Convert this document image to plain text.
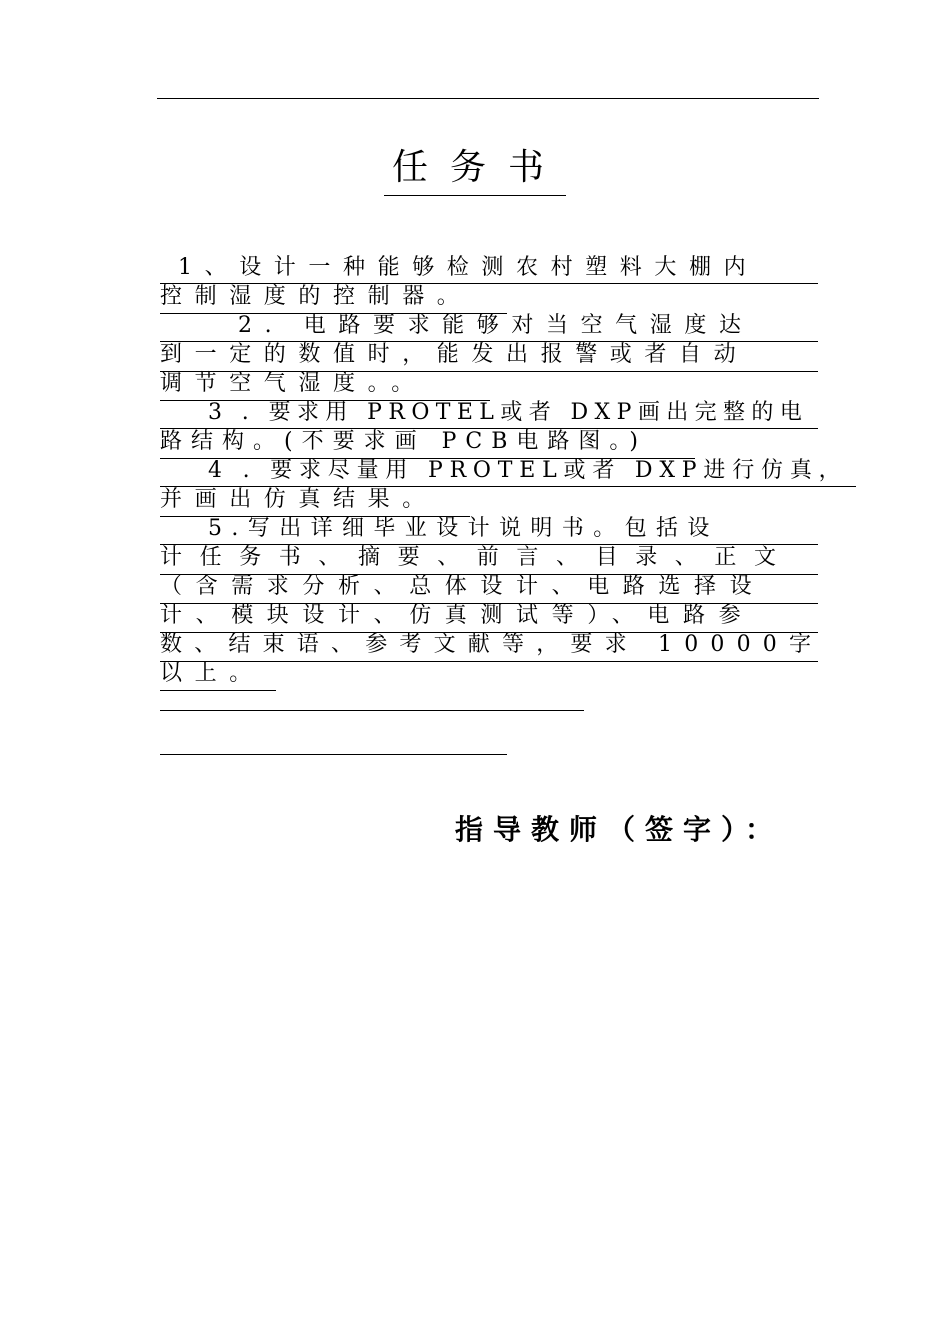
任务书
1、设计一种能够检测农村塑料大棚内
控制湿度的控制器。
2. 电路要求能够对当空气湿度达
到一定的数值时，能发出报警或者自动
调节空气湿度。。
3 . 要求用 PROTEL或者 DXP画出完整的电
路结构。(不要求画 PCB电路图。)
4 . 要求尽量用 PROTEL或者 DXP进行仿真，
并画出仿真结果。
5.写出详细毕业设计说明书。包括设
计任务书、摘要、前言、目录、正文
（含需求分析、总体设计、电路选择设
计、模块设计、仿真测试等）、电路参
数、结束语、参考文献等，要求 10000字
以上。
指导教师（签字）：
